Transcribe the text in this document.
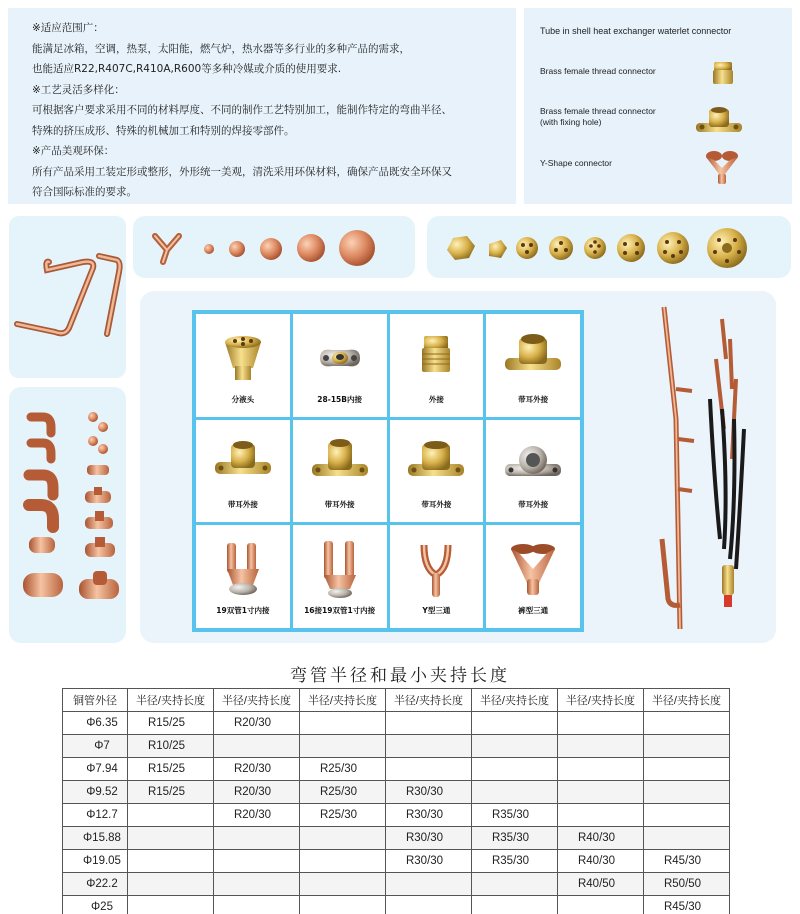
※适应范围广：

能满足冰箱，空调，热泵，太阳能，燃气炉，热水器等多行业的多种产品的需求，

也能适应R22,R407C,R410A,R600等多种冷媒或介质的使用要求.

※工艺灵活多样化：

可根据客户要求采用不同的材料厚度、不同的制作工艺特别加工，能制作特定的弯曲半径、

特殊的挤压成形、特殊的机械加工和特别的焊接零部件。

※产品美观环保：

所有产品采用工装定形或整形，外形统一美观，清洗采用环保材料，确保产品既安全环保又

符合国际标准的要求。

Tube in shell heat exchanger waterlet connector
Brass female thread connector
Brass female thread connector
(with fixing hole)
Y-Shape connector
分液头	28-15B内接	外接	带耳外接
带耳外接	带耳外接	带耳外接	带耳外接
19双管1寸内接	16接19双管1寸内接	Y型三通	裤型三通
弯管半径和最小夹持长度
铜管外径	半径/夹持长度	半径/夹持长度	半径/夹持长度	半径/夹持长度	半径/夹持长度	半径/夹持长度	半径/夹持长度
Φ6.35	R15/25	R20/30					
Φ7	R10/25						
Φ7.94	R15/25	R20/30	R25/30				
Φ9.52	R15/25	R20/30	R25/30	R30/30			
Φ12.7		R20/30	R25/30	R30/30	R35/30		
Φ15.88				R30/30	R35/30	R40/30	
Φ19.05				R30/30	R35/30	R40/30	R45/30
Φ22.2						R40/50	R50/50
Φ25							R45/30
